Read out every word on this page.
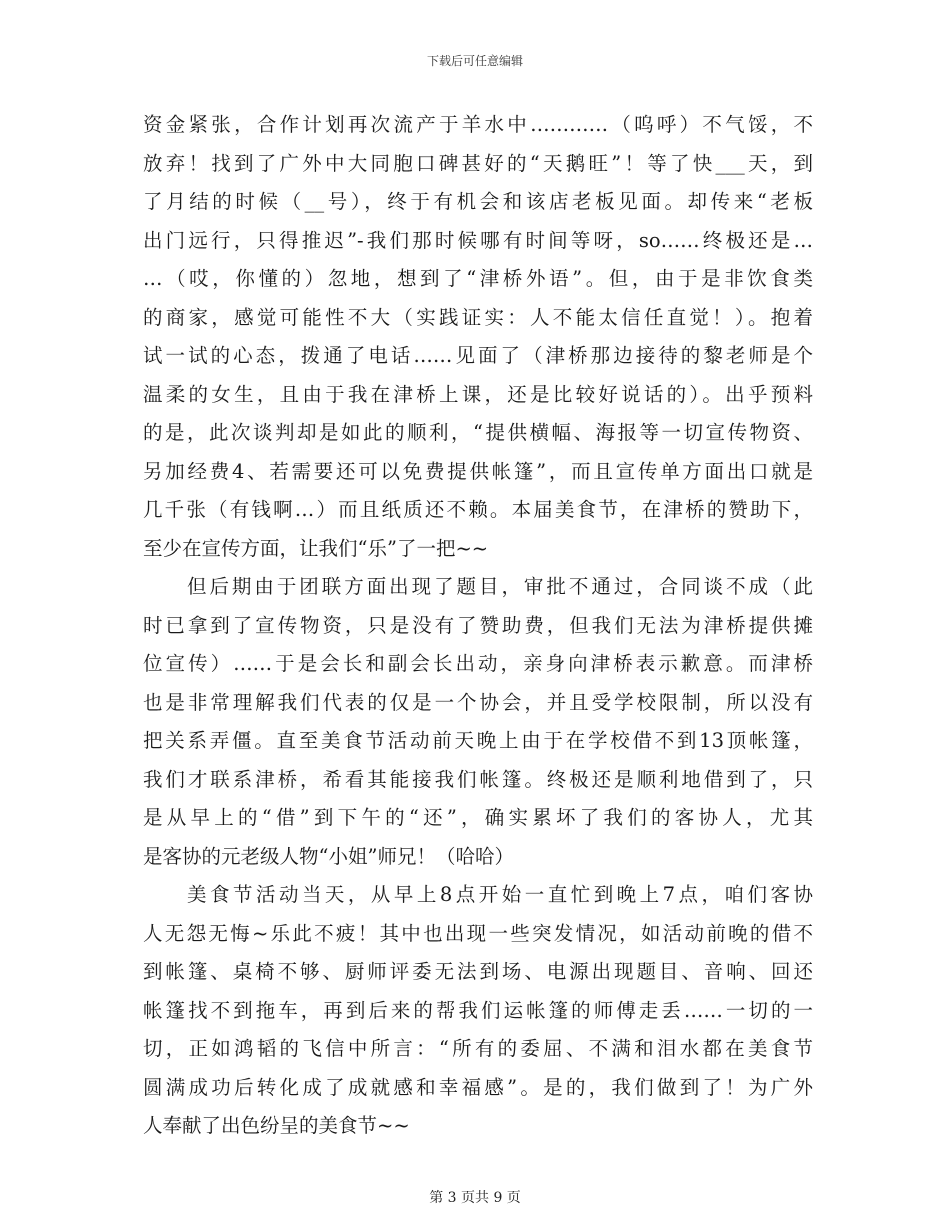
下载后可任意编辑
资金紧张，合作计划再次流产于羊水中…………（呜呼）不气馁，不
放弃！找到了广外中大同胞口碑甚好的“天鹅旺”！等了快___天，到
了月结的时候（__号），终于有机会和该店老板见面。却传来“老板
出门远行，只得推迟”-我们那时候哪有时间等呀，so……终极还是…
…（哎，你懂的）忽地，想到了“津桥外语”。但，由于是非饮食类
的商家，感觉可能性不大（实践证实：人不能太信任直觉！）。抱着
试一试的心态，拨通了电话……见面了（津桥那边接待的黎老师是个
温柔的女生，且由于我在津桥上课，还是比较好说话的）。出乎预料
的是，此次谈判却是如此的顺利，“提供横幅、海报等一切宣传物资、
另加经费4、若需要还可以免费提供帐篷”，而且宣传单方面出口就是
几千张（有钱啊…）而且纸质还不赖。本届美食节，在津桥的赞助下，
至少在宣传方面，让我们“乐”了一把~~
但后期由于团联方面出现了题目，审批不通过，合同谈不成（此
时已拿到了宣传物资，只是没有了赞助费，但我们无法为津桥提供摊
位宣传）……于是会长和副会长出动，亲身向津桥表示歉意。而津桥
也是非常理解我们代表的仅是一个协会，并且受学校限制，所以没有
把关系弄僵。直至美食节活动前天晚上由于在学校借不到13顶帐篷，
我们才联系津桥，希看其能接我们帐篷。终极还是顺利地借到了，只
是从早上的“借”到下午的“还”，确实累坏了我们的客协人，尤其
是客协的元老级人物“小姐”师兄！（哈哈）
美食节活动当天，从早上8点开始一直忙到晚上7点，咱们客协
人无怨无悔~乐此不疲！其中也出现一些突发情况，如活动前晚的借不
到帐篷、桌椅不够、厨师评委无法到场、电源出现题目、音响、回还
帐篷找不到拖车，再到后来的帮我们运帐篷的师傅走丢……一切的一
切，正如鸿韬的飞信中所言：“所有的委屈、不满和泪水都在美食节
圆满成功后转化成了成就感和幸福感”。是的，我们做到了！为广外
人奉献了出色纷呈的美食节~~
第 3 页共 9 页
